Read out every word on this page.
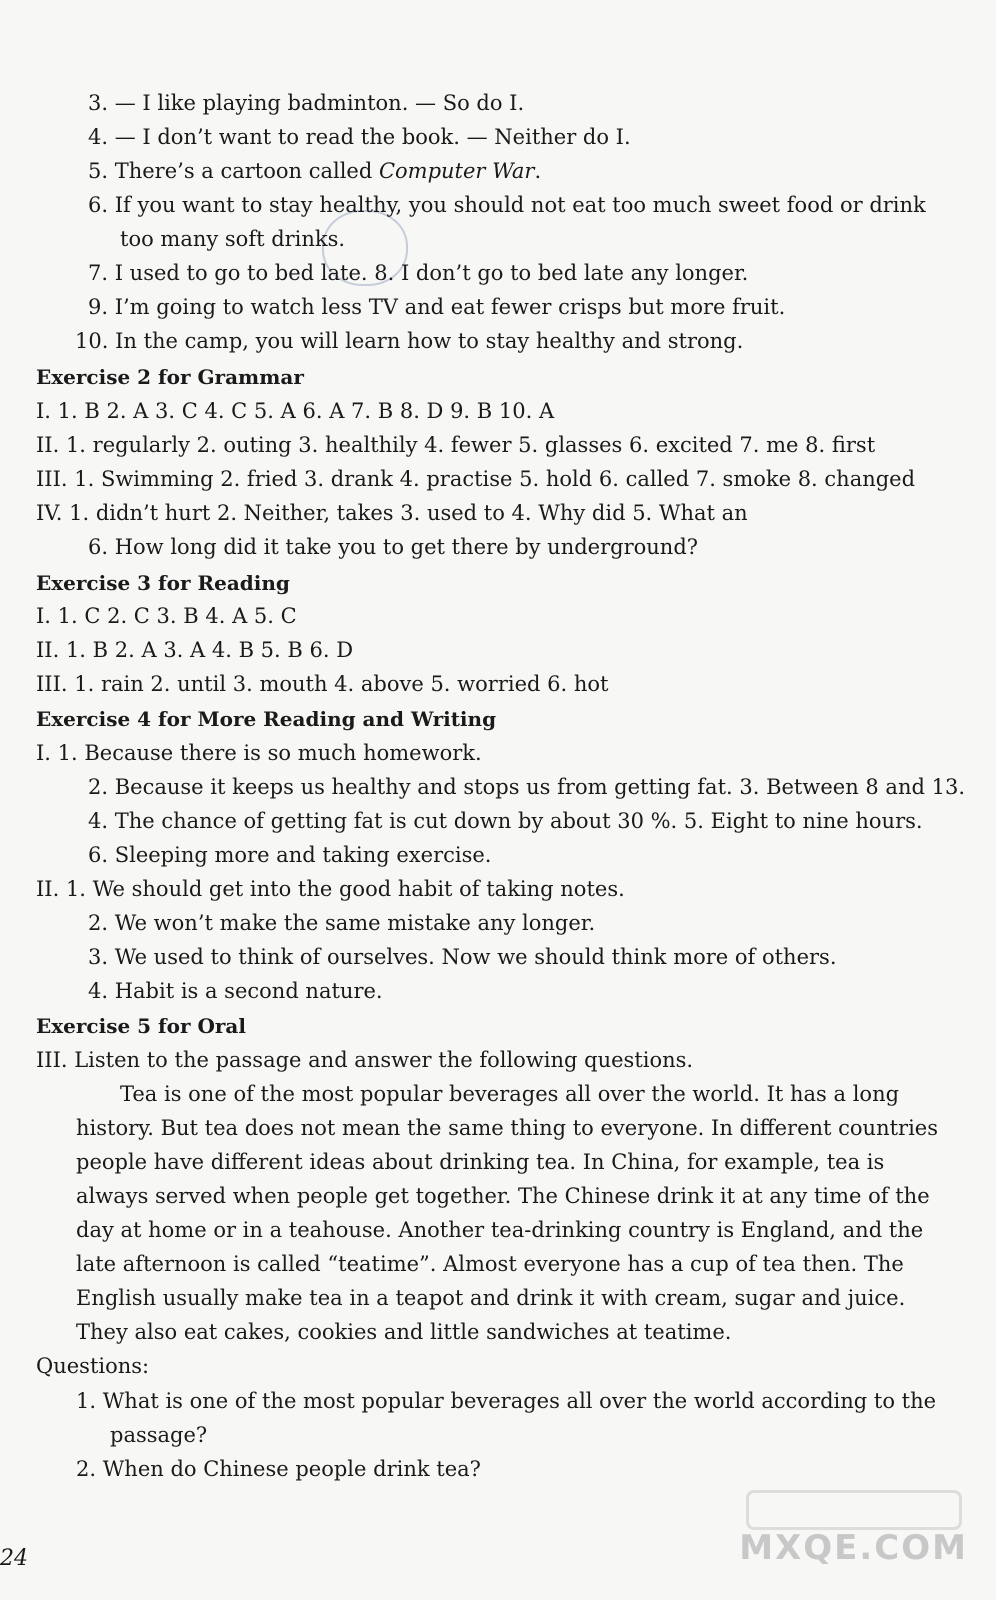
3. — I like playing badminton. — So do I.
4. — I don’t want to read the book. — Neither do I.
5. There’s a cartoon called Computer War.
6. If you want to stay healthy, you should not eat too much sweet food or drink
too many soft drinks.
7. I used to go to bed late. 8. I don’t go to bed late any longer.
9. I’m going to watch less TV and eat fewer crisps but more fruit.
10. In the camp, you will learn how to stay healthy and strong.
Exercise 2 for Grammar
I. 1. B 2. A 3. C 4. C 5. A 6. A 7. B 8. D 9. B 10. A
II. 1. regularly 2. outing 3. healthily 4. fewer 5. glasses 6. excited 7. me 8. first
III. 1. Swimming 2. fried 3. drank 4. practise 5. hold 6. called 7. smoke 8. changed
IV. 1. didn’t hurt 2. Neither, takes 3. used to 4. Why did 5. What an
6. How long did it take you to get there by underground?
Exercise 3 for Reading
I. 1. C 2. C 3. B 4. A 5. C
II. 1. B 2. A 3. A 4. B 5. B 6. D
III. 1. rain 2. until 3. mouth 4. above 5. worried 6. hot
Exercise 4 for More Reading and Writing
I. 1. Because there is so much homework.
2. Because it keeps us healthy and stops us from getting fat. 3. Between 8 and 13.
4. The chance of getting fat is cut down by about 30 %. 5. Eight to nine hours.
6. Sleeping more and taking exercise.
II. 1. We should get into the good habit of taking notes.
2. We won’t make the same mistake any longer.
3. We used to think of ourselves. Now we should think more of others.
4. Habit is a second nature.
Exercise 5 for Oral
III. Listen to the passage and answer the following questions.
Tea is one of the most popular beverages all over the world. It has a long
history. But tea does not mean the same thing to everyone. In different countries
people have different ideas about drinking tea. In China, for example, tea is
always served when people get together. The Chinese drink it at any time of the
day at home or in a teahouse. Another tea-drinking country is England, and the
late afternoon is called “teatime”. Almost everyone has a cup of tea then. The
English usually make tea in a teapot and drink it with cream, sugar and juice.
They also eat cakes, cookies and little sandwiches at teatime.
Questions:
1. What is one of the most popular beverages all over the world according to the
passage?
2. When do Chinese people drink tea?
24	MXQE.COM
